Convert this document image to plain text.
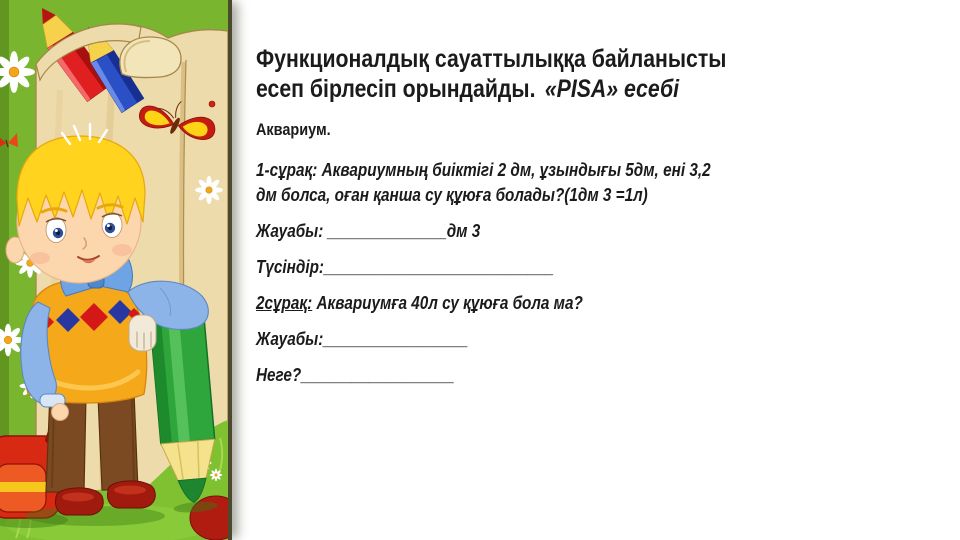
Функционалдық сауаттылыққа байланысты
есеп бірлесіп орындайды. «PISA» есебі
Аквариум.
1-сұрақ: Аквариумның биіктігі 2 дм, ұзындығы 5дм, ені 3,2
дм болса, оған қанша су құюға болады?(1дм 3 =1л)
Жауабы: ______________дм 3
Түсіндір:___________________________
2сұрақ: Аквариумға 40л су құюға бола ма?
Жауабы:_________________
Неге?__________________
